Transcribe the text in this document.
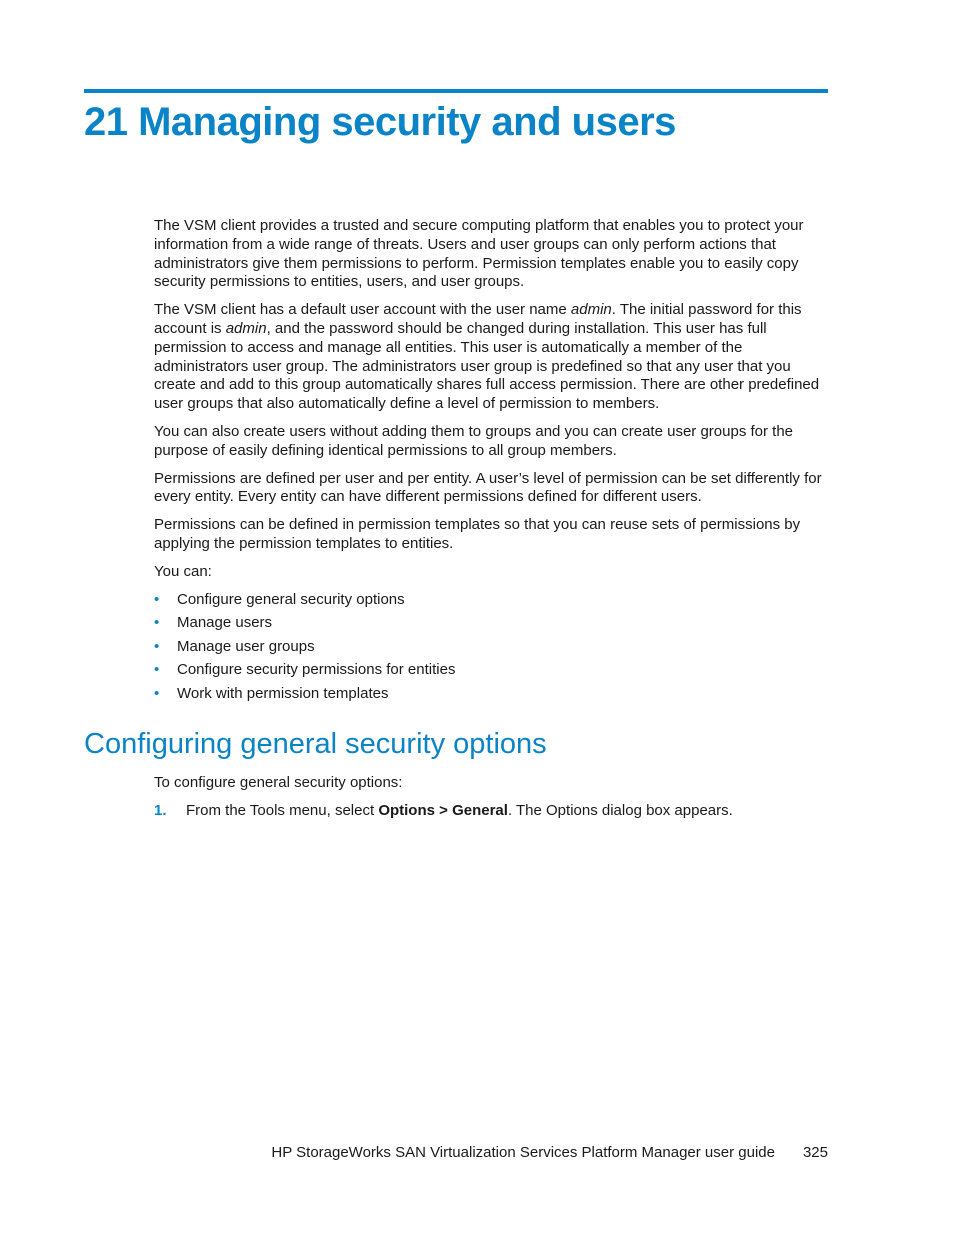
21 Managing security and users

The VSM client provides a trusted and secure computing platform that enables you to protect your information from a wide range of threats. Users and user groups can only perform actions that administrators give them permissions to perform. Permission templates enable you to easily copy security permissions to entities, users, and user groups.

The VSM client has a default user account with the user name admin. The initial password for this account is admin, and the password should be changed during installation. This user has full permission to access and manage all entities. This user is automatically a member of the administrators user group. The administrators user group is predefined so that any user that you create and add to this group automatically shares full access permission. There are other predefined user groups that also automatically define a level of permission to members.

You can also create users without adding them to groups and you can create user groups for the purpose of easily defining identical permissions to all group members.

Permissions are defined per user and per entity. A user’s level of permission can be set differently for every entity. Every entity can have different permissions defined for different users.

Permissions can be defined in permission templates so that you can reuse sets of permissions by applying the permission templates to entities.

You can:

• Configure general security options
• Manage users
• Manage user groups
• Configure security permissions for entities
• Work with permission templates
Configuring general security options

To configure general security options:

1. From the Tools menu, select Options > General. The Options dialog box appears.
HP StorageWorks SAN Virtualization Services Platform Manager user guide 325
